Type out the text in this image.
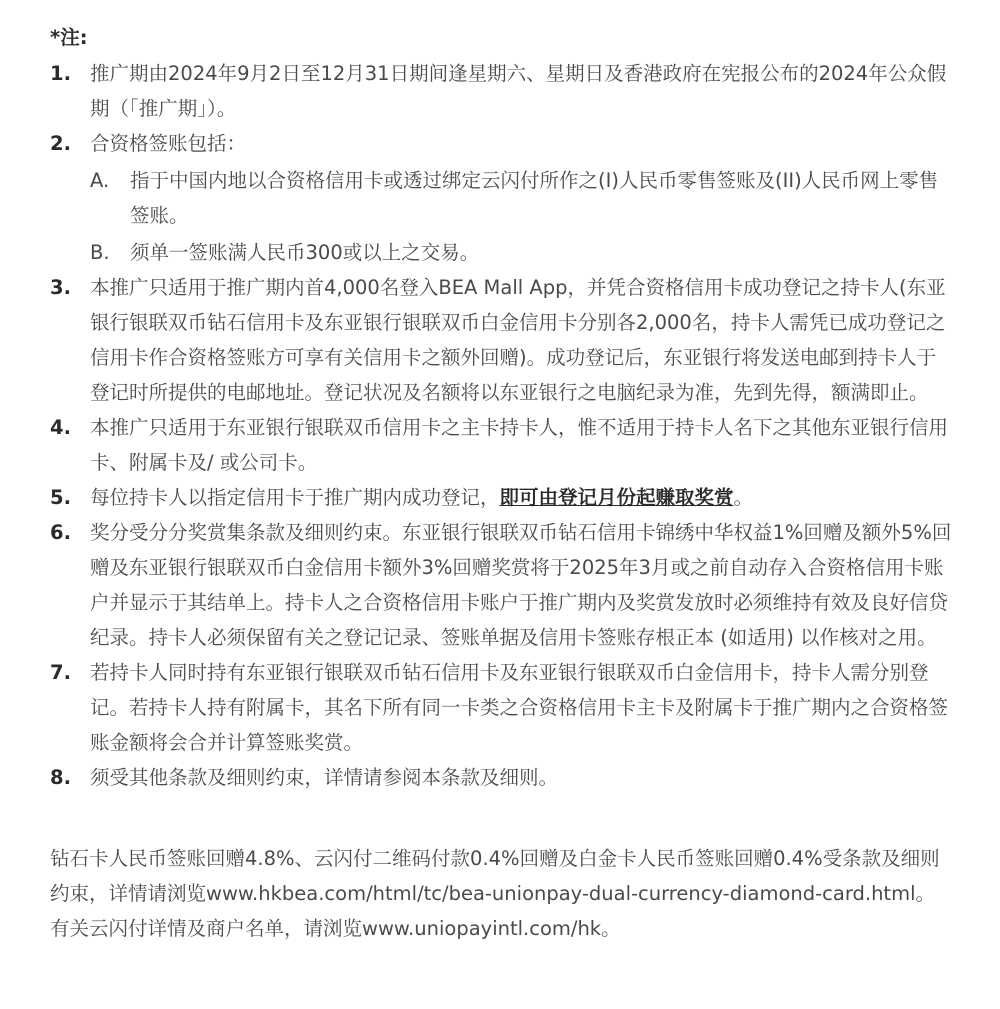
*注:
1. 推广期由2024年9月2日至12月31日期间逢星期六、星期日及香港政府在宪报公布的2024年公众假期（「推广期」）。
2. 合资格签账包括：
A.	指于中国内地以合资格信用卡或透过绑定云闪付所作之(I)人民币零售签账及(II)人民币网上零售签账。
B.	须单一签账满人民币300或以上之交易。
3. 本推广只适用于推广期内首4,000名登入BEA Mall App，并凭合资格信用卡成功登记之持卡人(东亚银行银联双币钻石信用卡及东亚银行银联双币白金信用卡分别各2,000名，持卡人需凭已成功登记之信用卡作合资格签账方可享有关信用卡之额外回赠)。成功登记后，东亚银行将发送电邮到持卡人于登记时所提供的电邮地址。登记状况及名额将以东亚银行之电脑纪录为准，先到先得，额满即止。
4. 本推广只适用于东亚银行银联双币信用卡之主卡持卡人，惟不适用于持卡人名下之其他东亚银行信用卡、附属卡及/ 或公司卡。
5. 每位持卡人以指定信用卡于推广期内成功登记，即可由登记月份起赚取奖赏。
6. 奖分受分分奖赏集条款及细则约束。东亚银行银联双币钻石信用卡锦绣中华权益1%回赠及额外5%回赠及东亚银行银联双币白金信用卡额外3%回赠奖赏将于2025年3月或之前自动存入合资格信用卡账户并显示于其结单上。持卡人之合资格信用卡账户于推广期内及奖赏发放时必须维持有效及良好信贷纪录。持卡人必须保留有关之登记记录、签账单据及信用卡签账存根正本 (如适用) 以作核对之用。
7. 若持卡人同时持有东亚银行银联双币钻石信用卡及东亚银行银联双币白金信用卡，持卡人需分别登记。若持卡人持有附属卡，其名下所有同一卡类之合资格信用卡主卡及附属卡于推广期内之合资格签账金额将会合并计算签账奖赏。
8. 须受其他条款及细则约束，详情请参阅本条款及细则。

钻石卡人民币签账回赠4.8%、云闪付二维码付款0.4%回赠及白金卡人民币签账回赠0.4%受条款及细则约束，详情请浏览www.hkbea.com/html/tc/bea-unionpay-dual-currency-diamond-card.html。

有关云闪付详情及商户名单，请浏览www.uniopayintl.com/hk。
